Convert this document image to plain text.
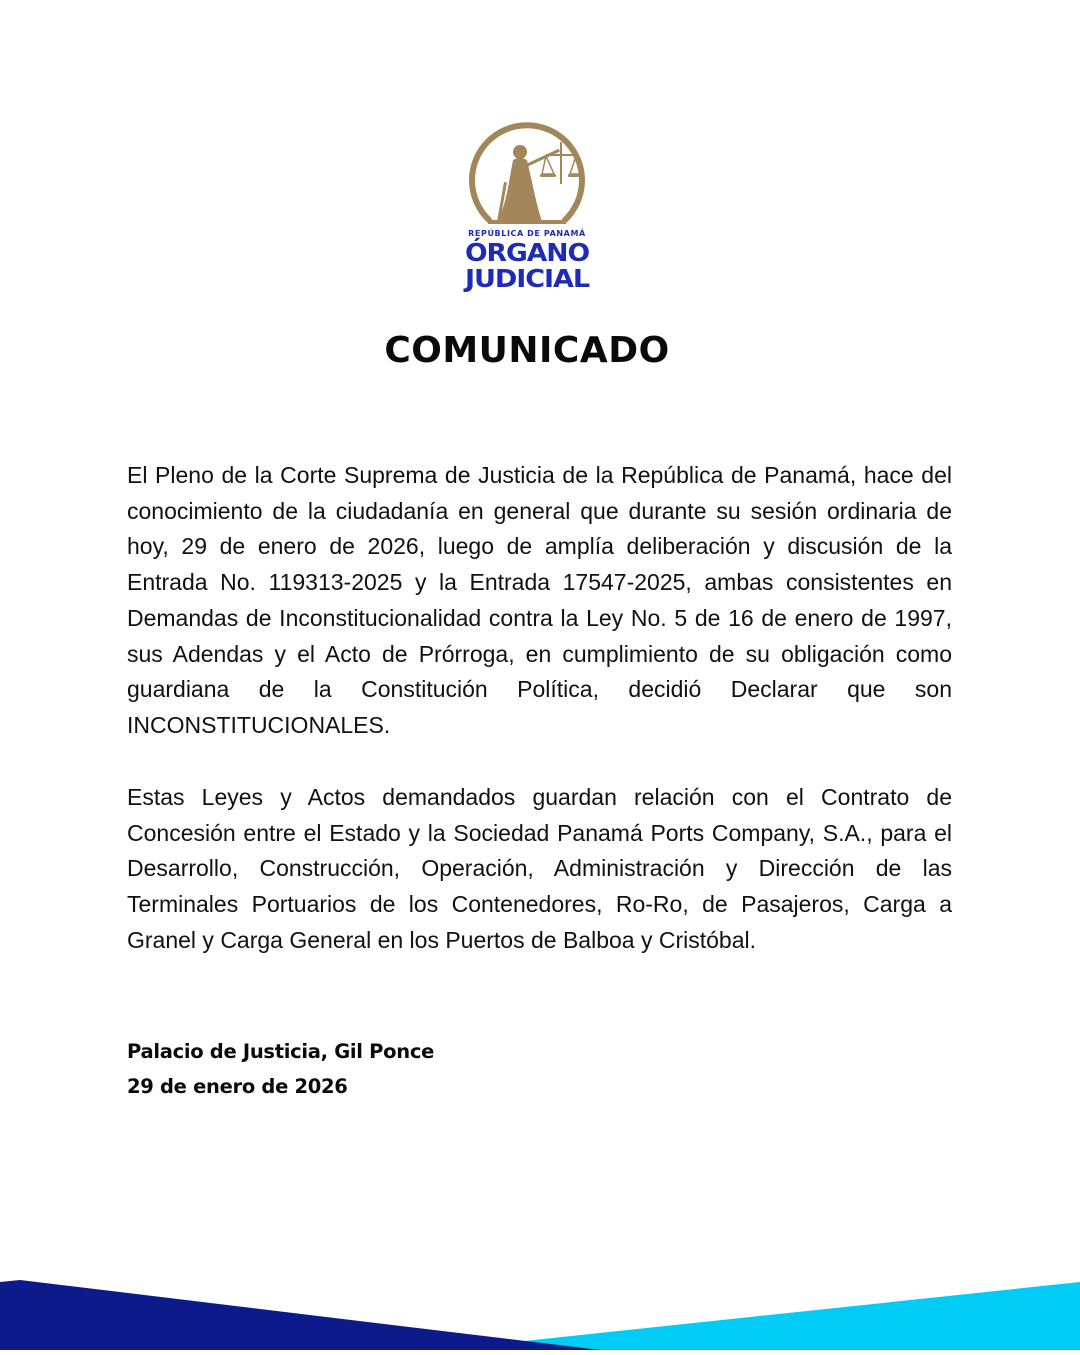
REPÚBLICA DE PANAMÁ
ÓRGANO
JUDICIAL
COMUNICADO

El Pleno de la Corte Suprema de Justicia de la República de Panamá, hace del conocimiento de la ciudadanía en general que durante su sesión ordinaria de hoy, 29 de enero de 2026, luego de amplía deliberación y discusión de la Entrada No. 119313-2025 y la Entrada 17547-2025, ambas consistentes en Demandas de Inconstitucionalidad contra la Ley No. 5 de 16 de enero de 1997, sus Adendas y el Acto de Prórroga, en cumplimiento de su obligación como guardiana de la Constitución Política, decidió Declarar que son INCONSTITUCIONALES.

Estas Leyes y Actos demandados guardan relación con el Contrato de Concesión entre el Estado y la Sociedad Panamá Ports Company, S.A., para el Desarrollo, Construcción, Operación, Administración y Dirección de las Terminales Portuarios de los Contenedores, Ro-Ro, de Pasajeros, Carga a Granel y Carga General en los Puertos de Balboa y Cristóbal.

Palacio de Justicia, Gil Ponce
29 de enero de 2026
